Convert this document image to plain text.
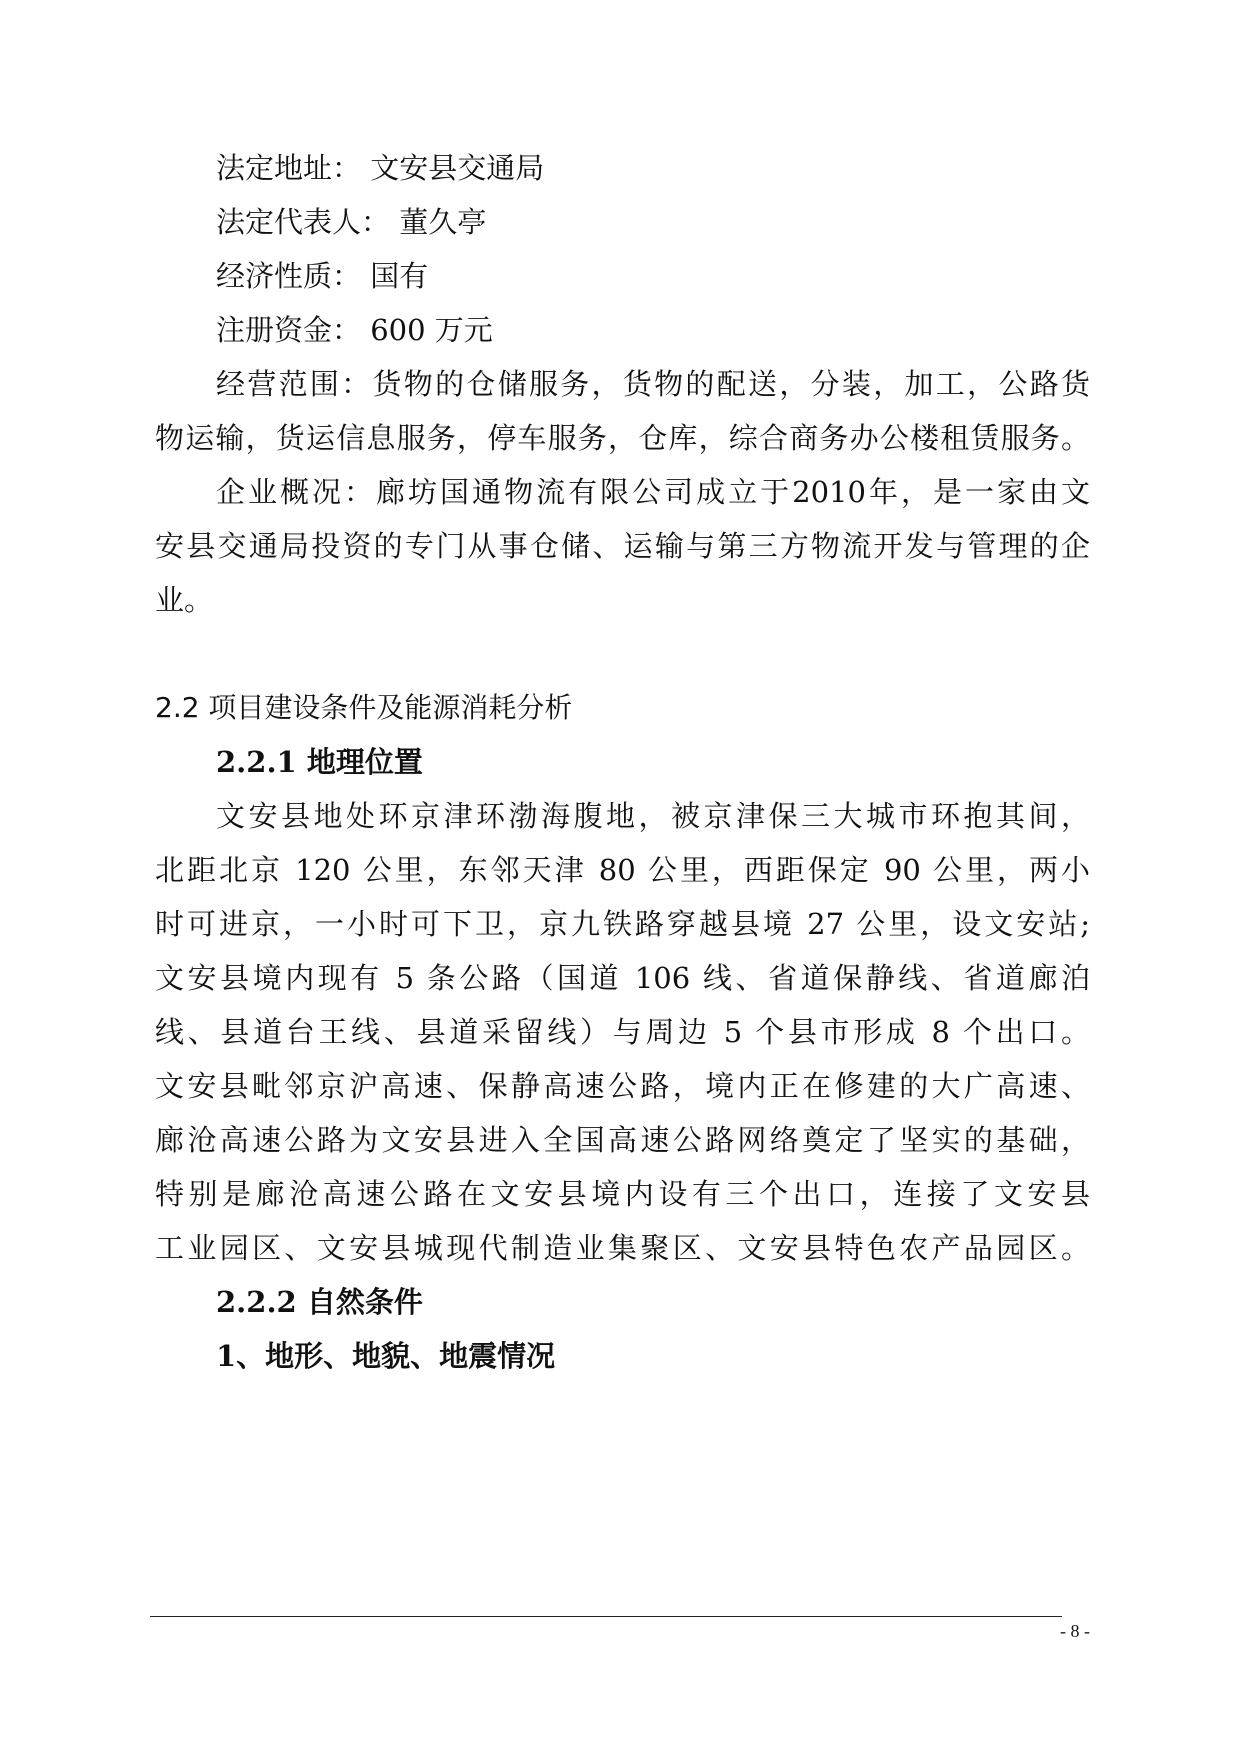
法定地址： 文安县交通局
法定代表人： 董久亭
经济性质： 国有
注册资金： 600 万元
经营范围：货物的仓储服务，货物的配送，分装，加工，公路货
物运输，货运信息服务，停车服务，仓库，综合商务办公楼租赁服务。
企业概况：廊坊国通物流有限公司成立于2010年，是一家由文
安县交通局投资的专门从事仓储、运输与第三方物流开发与管理的企
业。
2.2 项目建设条件及能源消耗分析
2.2.1 地理位置
文安县地处环京津环渤海腹地，被京津保三大城市环抱其间，
北距北京 120 公里，东邻天津 80 公里，西距保定 90 公里，两小
时可进京，一小时可下卫，京九铁路穿越县境 27 公里，设文安站;
文安县境内现有 5 条公路（国道 106 线、省道保静线、省道廊泊
线、县道台王线、县道采留线）与周边 5 个县市形成 8 个出口。
文安县毗邻京沪高速、保静高速公路，境内正在修建的大广高速、
廊沧高速公路为文安县进入全国高速公路网络奠定了坚实的基础，
特别是廊沧高速公路在文安县境内设有三个出口，连接了文安县
工业园区、文安县城现代制造业集聚区、文安县特色农产品园区。
2.2.2 自然条件
1、地形、地貌、地震情况
- 8 -
